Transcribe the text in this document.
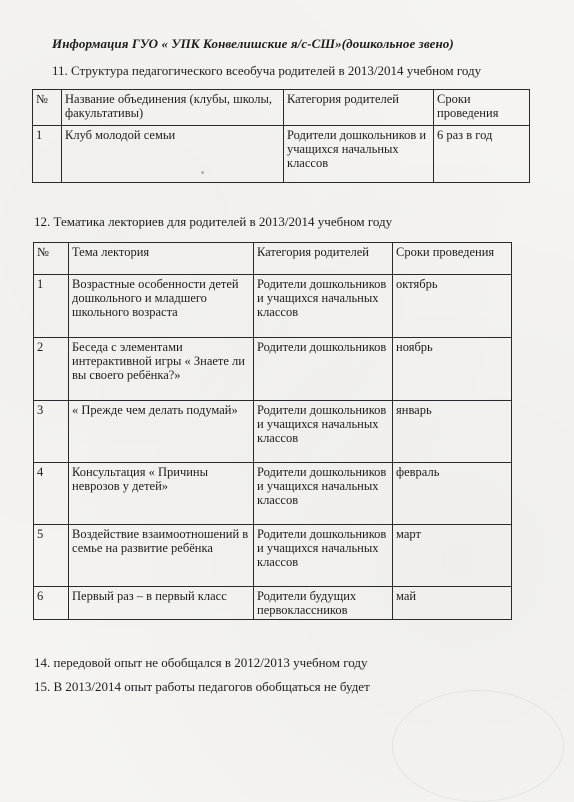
Информация ГУО « УПК Конвелишские я/с-СШ»(дошкольное звено)
11. Структура педагогического всеобуча родителей в 2013/2014 учебном году
№	Название объединения (клубы, школы, факультативы)	Категория родителей	Сроки проведения
1	Клуб молодой семьи	Родители дошкольников и учащихся начальных классов	6 раз в год
12. Тематика лекториев для родителей в 2013/2014 учебном году
№	Тема лектория	Категория родителей	Сроки проведения
1	Возрастные особенности детей дошкольного и младшего школьного возраста	Родители дошкольников и учащихся начальных классов	октябрь
2	Беседа с элементами интерактивной игры « Знаете ли вы своего ребёнка?»	Родители дошкольников	ноябрь
3	« Прежде чем делать подумай»	Родители дошкольников и учащихся начальных классов	январь
4	Консультация « Причины неврозов у детей»	Родители дошкольников и учащихся начальных классов	февраль
5	Воздействие взаимоотношений в семье на развитие ребёнка	Родители дошкольников и учащихся начальных классов	март
6	Первый раз – в первый класс	Родители будущих первоклассников	май
14. передовой опыт не обобщался в 2012/2013 учебном году
15. В 2013/2014 опыт работы педагогов обобщаться не будет
